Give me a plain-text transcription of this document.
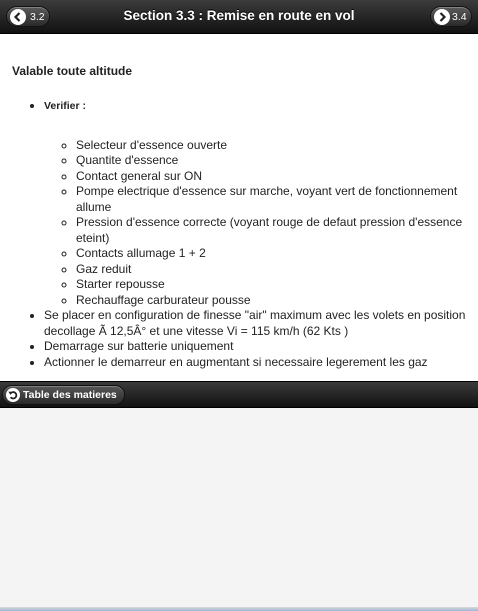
3.2	Section 3.3 : Remise en route en vol	3.4
Valable toute altitude
• Verifier :
◦ Selecteur d'essence ouverte
◦ Quantite d'essence
◦ Contact general sur ON
◦ Pompe electrique d'essence sur marche, voyant vert de fonctionnement allume
◦ Pression d'essence correcte (voyant rouge de defaut pression d'essence eteint)
◦ Contacts allumage 1 + 2
◦ Gaz reduit
◦ Starter repousse
◦ Rechauffage carburateur pousse
• Se placer en configuration de finesse "air" maximum avec les volets en position decollage Ã 12,5Â° et une vitesse Vi = 115 km/h (62 Kts )
• Demarrage sur batterie uniquement
• Actionner le demarreur en augmentant si necessaire legerement les gaz
Table des matieres
